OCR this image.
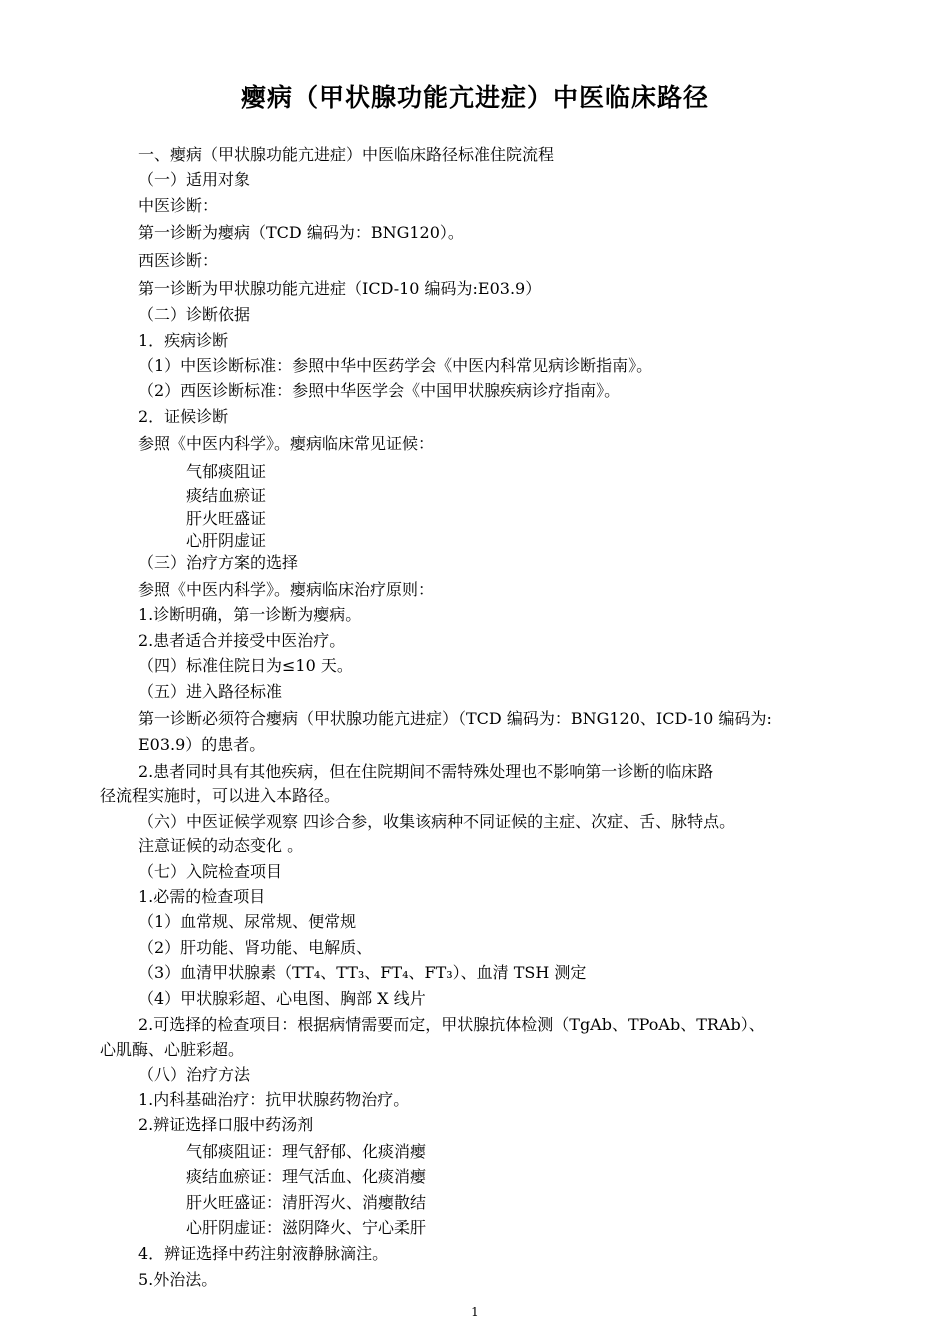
瘿病（甲状腺功能亢进症）中医临床路径
一、瘿病（甲状腺功能亢进症）中医临床路径标准住院流程
（一）适用对象
中医诊断：
第一诊断为瘿病（TCD 编码为：BNG120）。
西医诊断：
第一诊断为甲状腺功能亢进症（ICD-10 编码为:E03.9）
（二）诊断依据
1．疾病诊断
（1）中医诊断标准：参照中华中医药学会《中医内科常见病诊断指南》。
（2）西医诊断标准：参照中华医学会《中国甲状腺疾病诊疗指南》。
2．证候诊断
参照《中医内科学》。瘿病临床常见证候：
气郁痰阻证
痰结血瘀证
肝火旺盛证
心肝阴虚证
（三）治疗方案的选择
参照《中医内科学》。瘿病临床治疗原则：
1.诊断明确，第一诊断为瘿病。
2.患者适合并接受中医治疗。
（四）标准住院日为≤10 天。
（五）进入路径标准
第一诊断必须符合瘿病（甲状腺功能亢进症）（TCD 编码为：BNG120、ICD-10 编码为:
E03.9）的患者。
2.患者同时具有其他疾病，但在住院期间不需特殊处理也不影响第一诊断的临床路
径流程实施时，可以进入本路径。
（六）中医证候学观察 四诊合参，收集该病种不同证候的主症、次症、舌、脉特点。
注意证候的动态变化 。
（七）入院检查项目
1.必需的检查项目
（1）血常规、尿常规、便常规
（2）肝功能、肾功能、电解质、
（3）血清甲状腺素（TT₄、TT₃、FT₄、FT₃）、血清 TSH 测定
（4）甲状腺彩超、心电图、胸部 X 线片
2.可选择的检查项目：根据病情需要而定，甲状腺抗体检测（TgAb、TPoAb、TRAb）、
心肌酶、心脏彩超。
（八）治疗方法
1.内科基础治疗：抗甲状腺药物治疗。
2.辨证选择口服中药汤剂
气郁痰阻证：理气舒郁、化痰消瘿
痰结血瘀证：理气活血、化痰消瘿
肝火旺盛证：清肝泻火、消瘿散结
心肝阴虚证：滋阴降火、宁心柔肝
4．辨证选择中药注射液静脉滴注。
5.外治法。
1
